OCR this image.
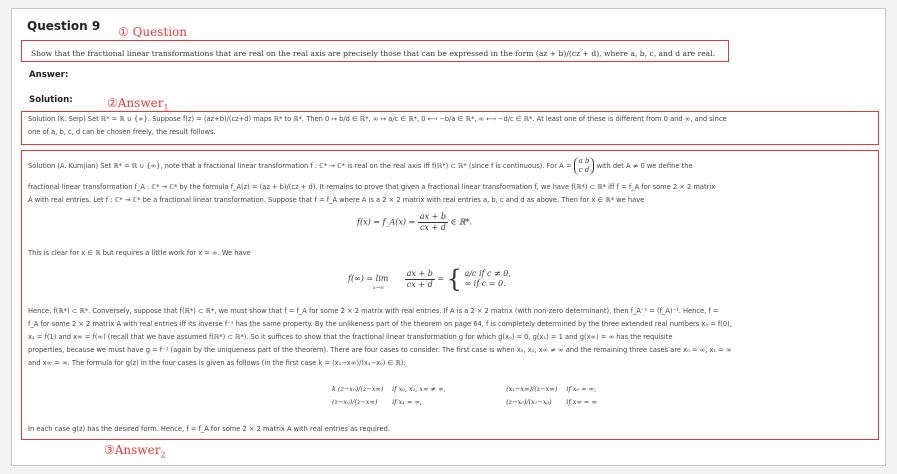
Question 9 ① Question
Show that the fractional linear transformations that are real on the real axis are precisely those that can be expressed in the form (az + b)/(cz + d), where a, b, c, and d are real.
Answer:
Solution:	②Answer$_1$
Solution (K. Seip) Set ℝ* = ℝ ∪ {∞}. Suppose f(z) = (az+b)/(cz+d) maps ℝ* to ℝ*. Then 0 ↦ b/d ∈ ℝ*, ∞ ↦ a/c ∈ ℝ*, 0 ⟻ −b/a ∈ ℝ*, ∞ ⟻ −d/c ∈ ℝ*. At least one of these is different from 0 and ∞, and since
one of a, b, c, d can be chosen freely, the result follows.
Solution (A. Kumjian) Set ℝ* = ℝ ∪ {∞}, note that a fractional linear transformation f : ℂ* → ℂ* is real on the real axis iff f(ℝ*) ⊂ ℝ* (since f is continuous). For A =
a b
c d with det A ≠ 0 we define the
fractional linear transformation f_A : ℂ* → ℂ* by the formula f_A(z) = (az + b)/(cz + d). It remains to prove that given a fractional linear transformation f, we have f(ℝ*) ⊂ ℝ* iff f = f_A for some 2 × 2 matrix
A with real entries. Let f : ℂ* → ℂ* be a fractional linear transformation. Suppose that f = f_A where A is a 2 × 2 matrix with real entries a, b, c and d as above. Then for x ∈ ℝ* we have
f(x) = f_A(x) = $\frac{ax + b}{cx + d}$ ∈ ℝ*.
This is clear for x ∈ ℝ but requires a little work for x = ∞. We have
f(∞) = lim $_{x\to\infty}$	$\frac{ax + b}{cx + d}$ = { a/c if c ≠ 0,
∞ if c = 0.
Hence, f(ℝ*) ⊂ ℝ*. Conversely, suppose that f(ℝ*) ⊂ ℝ*, we must show that f = f_A for some 2 × 2 matrix with real entries. If A is a 2 × 2 matrix (with non-zero determinant), then f_A⁻¹ = (f_A)⁻¹. Hence, f =
f_A for some 2 × 2 matrix A with real entries iff its inverse f⁻¹ has the same property. By the unlikeness part of the theorem on page 64, f is completely determined by the three extended real numbers x₀ = f(0),
x₁ = f(1) and x∞ = f(∞) (recall that we have assumed f(ℝ*) ⊂ ℝ*). So it suffices to show that the fractional linear transformation g for which g(x₀) = 0, g(x₁) = 1 and g(x∞) = ∞ has the requisite
properties, because we must have g = f⁻¹ (again by the uniqueness part of the theorem). There are four cases to consider. The first case is when x₀, x₁, x∞ ≠ ∞ and the remaining three cases are x₀ = ∞, x₁ = ∞
and x∞ = ∞. The formula for g(z) in the four cases is given as follows (in the first case k = (x₁−x∞)/(x₁−x₀) ∈ ℝ):
k (z−x₀)/(z−x∞) if x₀, x₁, x∞ ≠ ∞,	(x₁−x∞)/(z−x∞) if x₀ = ∞,
(z−x₀)/(z−x∞) if x₁ = ∞,	(z−x₀)/(x₁−x₀) if x∞ = ∞
In each case g(z) has the desired form. Hence, f = f_A for some 2 × 2 matrix A with real entries as required.
③Answer$_2$
